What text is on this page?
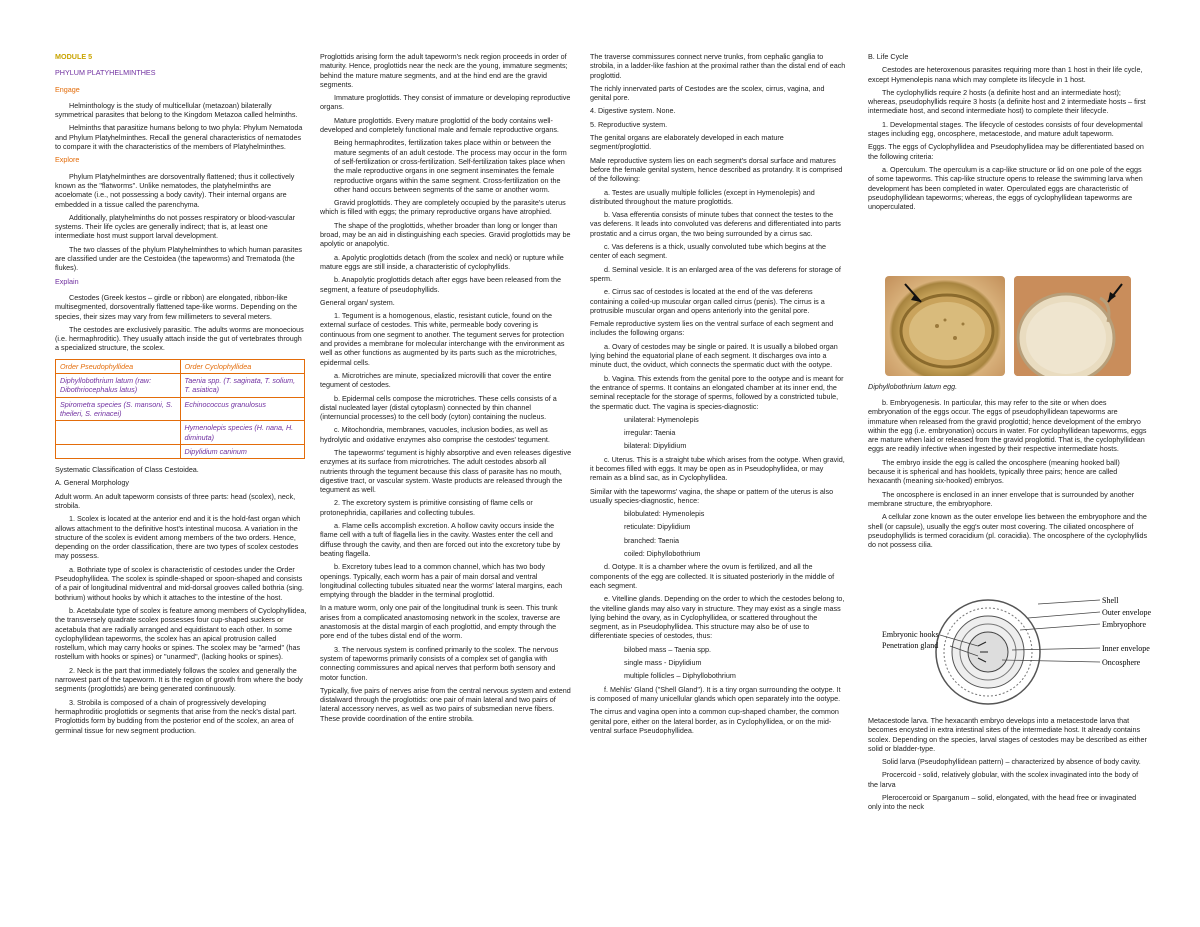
MODULE 5

PHYLUM PLATYHELMINTHES

Engage

Helminthology is the study of multicellular (metazoan) bilaterally symmetrical parasites that belong to the Kingdom Metazoa called helminths.

Helminths that parasitize humans belong to two phyla: Phylum Nematoda and Phylum Platyhelminthes. Recall the general characteristics of nematodes to compare it with the characteristics of the members of Platyhelminthes.

Explore

Phylum Platyhelminthes are dorsoventrally flattened; thus it collectively known as the "flatworms". Unlike nematodes, the platyhelminths are acoelomate (i.e., not possessing a body cavity). Their internal organs are embedded in a tissue called the parenchyma.

Additionally, platyhelminths do not posses respiratory or blood-vascular systems. Their life cycles are generally indirect; that is, at least one intermediate host must support larval development.

The two classes of the phylum Platyhelminthes to which human parasites are classified under are the Cestoidea (the tapeworms) and Trematoda (the flukes).

Explain

Cestodes (Greek kestos – girdle or ribbon) are elongated, ribbon-like multisegmented, dorsoventrally flattened tape-like worms. Depending on the species, their sizes may vary from few millimeters to several meters.

The cestodes are exclusively parasitic. The adults worms are monoecious (i.e. hermaphroditic). They usually attach inside the gut of vertebrates through a specialized structure, the scolex.

Order Pseudophyllidea	Order Cyclophyllidea
Diphyllobothrium latum (raw: Dibothriocephalus latus)	Taenia spp. (T. saginata, T. solium, T. asiatica)
Spirometra species (S. mansoni, S. theileri, S. erinacei)	Echinococcus granulosus
	Hymenolepis species (H. nana, H. diminuta)
	Dipylidium caninum

Systematic Classification of Class Cestoidea.

A. General Morphology

Adult worm. An adult tapeworm consists of three parts: head (scolex), neck, strobila.

1. Scolex is located at the anterior end and it is the hold-fast organ which allows attachment to the definitive host's intestinal mucosa. A variation in the structure of the scolex is evident among members of the two orders. Hence, depending on the order classification, there are two types of scolex cestodes may possess.

a. Bothriate type of scolex is characteristic of cestodes under the Order Pseudophyllidea. The scolex is spindle-shaped or spoon-shaped and consists of a pair of longitudinal midventral and mid-dorsal grooves called bothria (sing. bothrium) without hooks by which it attaches to the intestine of the host.

b. Acetabulate type of scolex is feature among members of Cyclophyllidea, the transversely quadrate scolex possesses four cup-shaped suckers or acetabula that are radially arranged and equidistant to each other. In some cyclophyllidean tapeworms, the scolex has an apical protrusion called rostellum, which may carry hooks or spines. The scolex may be "armed" (has rostellum with hooks or spines) or "unarmed", (lacking hooks or spines).

2. Neck is the part that immediately follows the scolex and generally the narrowest part of the tapeworm. It is the region of growth from where the body segments (proglottids) are being generated continuously.

3. Strobila is composed of a chain of progressively developing hermaphroditic proglottids or segments that arise from the neck's distal part. Proglottids form by budding from the posterior end of the scolex, an area of germinal tissue for new segment production.

Proglottids arising form the adult tapeworm's neck region proceeds in order of maturity. Hence, proglottids near the neck are the young, immature segments; behind the mature mature segments, and at the hind end are the gravid segments.

Immature proglottids. They consist of immature or developing reproductive organs.

Mature proglottids. Every mature proglottid of the body contains well-developed and completely functional male and female reproductive organs.

Being hermaphrodites, fertilization takes place within or between the mature segments of an adult cestode. The process may occur in the form of self-fertilization or cross-fertilization. Self-fertilization takes place when the male reproductive organs in one segment inseminates the female reproductive organs within the same segment. Cross-fertilization on the other hand occurs between segments of the same or another worm.

Gravid proglottids. They are completely occupied by the parasite's uterus which is filled with eggs; the primary reproductive organs have atrophied.

The shape of the proglottids, whether broader than long or longer than broad, may be an aid in distinguishing each species. Gravid proglottids may be apolytic or anapolytic.

a. Apolytic proglottids detach (from the scolex and neck) or rupture while mature eggs are still inside, a characteristic of cyclophyllids.

b. Anapolytic proglottids detach after eggs have been released from the segment, a feature of pseudophyllids.

General organ/ system.

1. Tegument is a homogenous, elastic, resistant cuticle, found on the external surface of cestodes. This white, permeable body covering is continuous from one segment to another. The tegument serves for protection and provides a membrane for molecular interchange with the environment as well as other functions as augmented by its parts such as the microtriches, epidermal cells.

a. Microtriches are minute, specialized microvilli that cover the entire tegument of cestodes.

b. Epidermal cells compose the microtriches. These cells consists of a distal nucleated layer (distal cytoplasm) connected by thin channel (internuncial processes) to the cell body (cyton) containing the nucleus.

c. Mitochondria, membranes, vacuoles, inclusion bodies, as well as hydrolytic and oxidative enzymes also comprise the cestodes' tegument.

The tapeworms' tegument is highly absorptive and even releases digestive enzymes at its surface from microtriches. The adult cestodes absorb all nutrients through the tegument because this class of parasite has no mouth, digestive tract, or vascular system. Waste products are released through the tegument as well.

2. The excretory system is primitive consisting of flame cells or protonephridia, capillaries and collecting tubules.

a. Flame cells accomplish excretion. A hollow cavity occurs inside the flame cell with a tuft of flagella lies in the cavity. Wastes enter the cell and diffuse through the cavity, and then are forced out into the excretory tube by beating flagella.

b. Excretory tubes lead to a common channel, which has two body openings. Typically, each worm has a pair of main dorsal and ventral longitudinal collecting tubules situated near the worms' lateral margins, each emptying through the bladder in the terminal proglottid.

In a mature worm, only one pair of the longitudinal trunk is seen. This trunk arises from a complicated anastomosing network in the scolex, traverse are anastomosis at the distal margin of each proglottid, and empty through the pore end of the tubes distal end of the worm.

3. The nervous system is confined primarily to the scolex. The nervous system of tapeworms primarily consists of a complex set of ganglia with connecting commissures and apical nerves that perform both sensory and motor function.

Typically, five pairs of nerves arise from the central nervous system and extend distalward through the proglottids: one pair of main lateral and two pairs of lateral accessory nerves, as well as two pairs of subsmedian nerve fibers. These provide coordination of the entire strobila.

The traverse commissures connect nerve trunks, from cephalic ganglia to strobila, in a ladder-like fashion at the proximal rather than the distal end of each proglottid.

The richly innervated parts of Cestodes are the scolex, cirrus, vagina, and genital pore.

4. Digestive system. None.

5. Reproductive system.

The genital organs are elaborately developed in each mature segment/proglottid.

Male reproductive system lies on each segment's dorsal surface and matures before the female genital system, hence described as protandry. It is comprised of the following:

a. Testes are usually multiple follicles (except in Hymenolepis) and distributed throughout the mature proglottids.

b. Vasa efferentia consists of minute tubes that connect the testes to the vas deferens. It leads into convoluted vas deferens and differentiated into parts prostatic and a cirrus organ, the two being surrounded by a cirrus sac.

c. Vas deferens is a thick, usually convoluted tube which begins at the center of each segment.

d. Seminal vesicle. It is an enlarged area of the vas deferens for storage of sperm.

e. Cirrus sac of cestodes is located at the end of the vas deferens containing a coiled-up muscular organ called cirrus (penis). The cirrus is a protrusible muscular organ and opens anteriorly into the genital pore.

Female reproductive system lies on the ventral surface of each segment and includes the following organs:

a. Ovary of cestodes may be single or paired. It is usually a bilobed organ lying behind the equatorial plane of each segment. It discharges ova into a minute duct, the oviduct, which connects the spermatic duct with the ootype.

b. Vagina. This extends from the genital pore to the ootype and is meant for the entrance of sperms. It contains an elongated chamber at its inner end, the seminal receptacle for the storage of sperms, followed by a constricted tubule, the spermatic duct. The vagina is species-diagnostic:

unilateral: Hymenolepis

irregular: Taenia

bilateral: Dipylidium

c. Uterus. This is a straight tube which arises from the ootype. When gravid, it becomes filled with eggs. It may be open as in Pseudophyllidea, or may remain as a blind sac, as in Cyclophyllidea.

Similar with the tapeworms' vagina, the shape or pattern of the uterus is also usually species-diagnostic, hence:

bilobulated: Hymenolepis

reticulate: Dipylidium

branched: Taenia

coiled: Diphyllobothrium

d. Ootype. It is a chamber where the ovum is fertilized, and all the components of the egg are collected. It is situated posteriorly in the middle of each segment.

e. Vitelline glands. Depending on the order to which the cestodes belong to, the vitelline glands may also vary in structure. They may exist as a single mass lying behind the ovary, as in Cyclophyllidea, or scattered throughout the segment, as in Pseudophyllidea. This structure may also be of use to differentiate species of cestodes, thus:

bilobed mass – Taenia spp.

single mass - Dipylidium

multiple follicles – Diphyllobothrium

f. Mehlis' Gland ("Shell Gland"). It is a tiny organ surrounding the ootype. It is composed of many unicellular glands which open separately into the ootype.

The cirrus and vagina open into a common cup-shaped chamber, the common genital pore, either on the lateral border, as in Cyclophyllidea, or on the mid-ventral surface Pseudophyllidea.

B. Life Cycle

Cestodes are heteroxenous parasites requiring more than 1 host in their life cycle, except Hymenolepis nana which may complete its lifecycle in 1 host.

The cyclophyllids require 2 hosts (a definite host and an intermediate host); whereas, pseudophyllids require 3 hosts (a definite host and 2 intermediate hosts – first intermediate host, and second intermediate host) to complete their lifecycle.

1. Developmental stages. The lifecycle of cestodes consists of four developmental stages including egg, oncosphere, metacestode, and mature adult tapeworm.

Eggs. The eggs of Cyclophyllidea and Pseudophyllidea may be differentiated based on the following criteria:

a. Operculum. The operculum is a cap-like structure or lid on one pole of the eggs of some tapeworms. This cap-like structure opens to release the swimming larva when development has been completed in water. Operculated eggs are characteristic of pseudophyllidean tapeworms; whereas, the eggs of cyclophyllidean tapeworms are unoperculated.

Diphyllobothrium latum egg.

b. Embryogenesis. In particular, this may refer to the site or when does embryonation of the eggs occur. The eggs of pseudophyllidean tapeworms are immature when released from the gravid proglottid; hence development of the embryo within the egg (i.e. embryonation) occurs in water. For cyclophyllidean tapeworms, eggs are mature when laid or released from the gravid proglottid. That is, the cyclophyllidean eggs are readily infective when ingested by their respective intermediate hosts.

The embryo inside the egg is called the oncosphere (meaning hooked ball) because it is spherical and has hooklets, typically three pairs; hence are called hexacanth (meaning six-hooked) embryos.

The oncosphere is enclosed in an inner envelope that is surrounded by another membrane structure, the embryophore.

A cellular zone known as the outer envelope lies between the embryophore and the shell (or capsule), usually the egg's outer most covering. The ciliated oncosphere of pseudophyllids is termed coracidium (pl. coracidia). The oncosphere of the cyclophyllids do not possess cilia.

Shell
Outer envelope
Embryophore
Embryonic hooks
Penetration gland	Inner envelope
Oncosphere

Metacestode larva. The hexacanth embryo develops into a metacestode larva that becomes encysted in extra intestinal sites of the intermediate host. It already contains scolex. Depending on the species, larval stages of cestodes may be described as either solid or bladder-type.

Solid larva (Pseudophyllidean pattern) – characterized by absence of body cavity.

Procercoid - solid, relatively globular, with the scolex invaginated into the body of the larva

Plerocercoid or Sparganum – solid, elongated, with the head free or invaginated only into the neck
